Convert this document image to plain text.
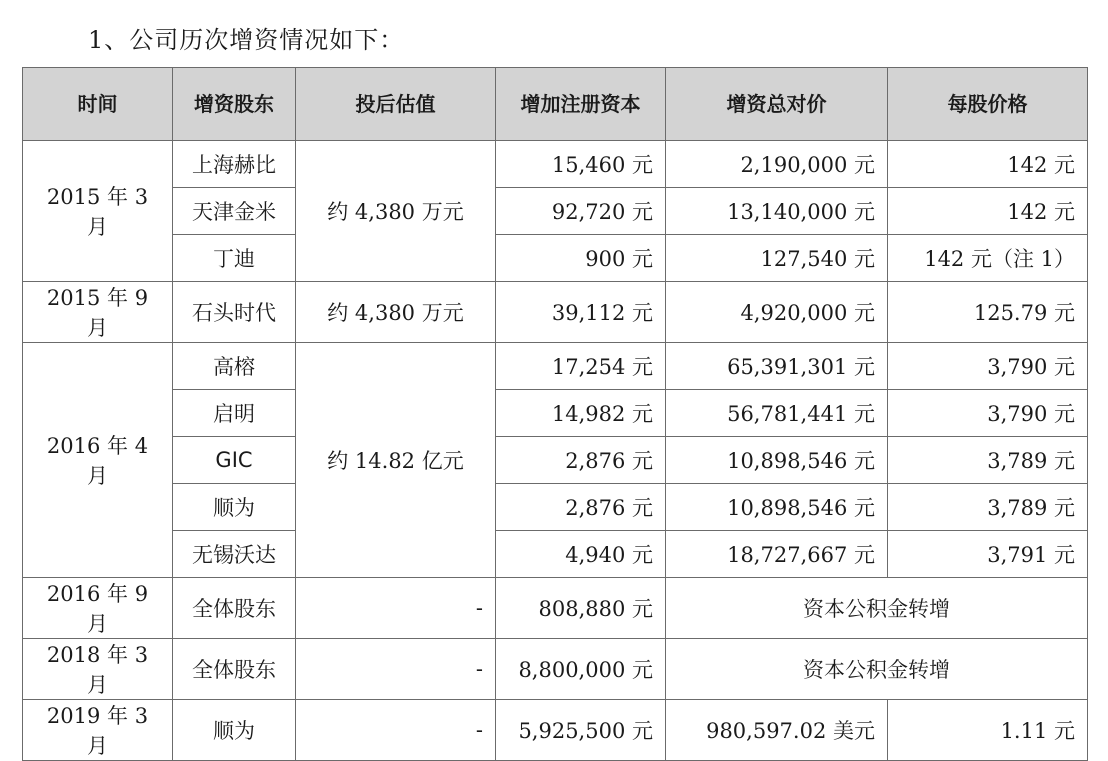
1、公司历次增资情况如下：
时间	增资股东	投后估值	增加注册资本	增资总对价	每股价格
2015 年 3 月	上海赫比	约 4,380 万元	15,460 元	2,190,000 元	142 元
	天津金米		92,720 元	13,140,000 元	142 元
	丁迪		900 元	127,540 元	142 元（注 1）
2015 年 9 月	石头时代	约 4,380 万元	39,112 元	4,920,000 元	125.79 元
2016 年 4 月	高榕	约 14.82 亿元	17,254 元	65,391,301 元	3,790 元
	启明		14,982 元	56,781,441 元	3,790 元
	GIC		2,876 元	10,898,546 元	3,789 元
	顺为		2,876 元	10,898,546 元	3,789 元
	无锡沃达		4,940 元	18,727,667 元	3,791 元
2016 年 9 月	全体股东	-	808,880 元	资本公积金转增	
2018 年 3 月	全体股东	-	8,800,000 元	资本公积金转增	
2019 年 3 月	顺为	-	5,925,500 元	980,597.02 美元	1.11 元
